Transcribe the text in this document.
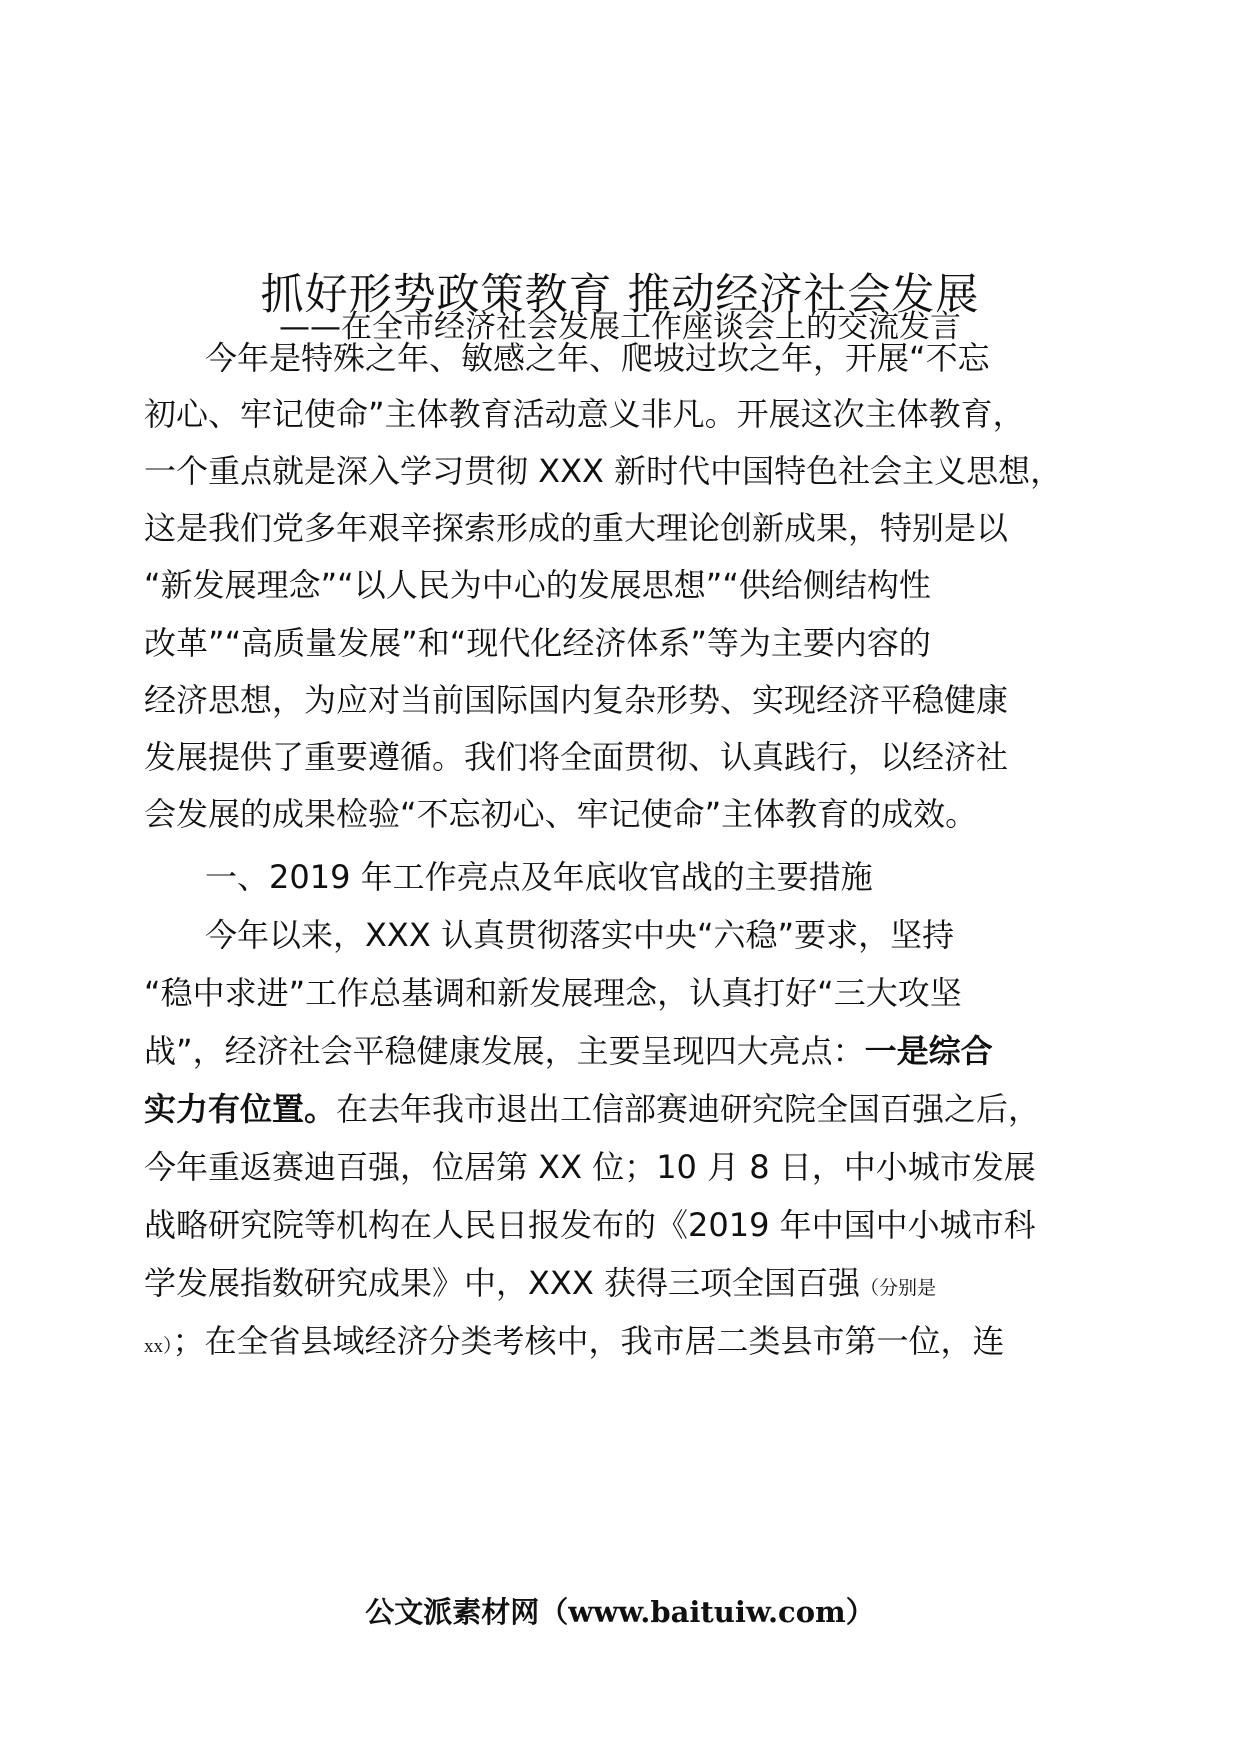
抓好形势政策教育 推动经济社会发展
——在全市经济社会发展工作座谈会上的交流发言
今年是特殊之年、敏感之年、爬坡过坎之年，开展“不忘
初心、牢记使命”主体教育活动意义非凡。开展这次主体教育，
一个重点就是深入学习贯彻 XXX 新时代中国特色社会主义思想，
这是我们党多年艰辛探索形成的重大理论创新成果，特别是以
“新发展理念”“以人民为中心的发展思想”“供给侧结构性
改革”“高质量发展”和“现代化经济体系”等为主要内容的
经济思想，为应对当前国际国内复杂形势、实现经济平稳健康
发展提供了重要遵循。我们将全面贯彻、认真践行，以经济社
会发展的成果检验“不忘初心、牢记使命”主体教育的成效。
一、2019 年工作亮点及年底收官战的主要措施
今年以来，XXX 认真贯彻落实中央“六稳”要求，坚持
“稳中求进”工作总基调和新发展理念，认真打好“三大攻坚
战”，经济社会平稳健康发展，主要呈现四大亮点：一是综合
实力有位置。在去年我市退出工信部赛迪研究院全国百强之后，
今年重返赛迪百强，位居第 XX 位；10 月 8 日，中小城市发展
战略研究院等机构在人民日报发布的《2019 年中国中小城市科
学发展指数研究成果》中，XXX 获得三项全国百强（分别是
xx）；在全省县域经济分类考核中，我市居二类县市第一位，连
公文派素材网（www.baituiw.com）
